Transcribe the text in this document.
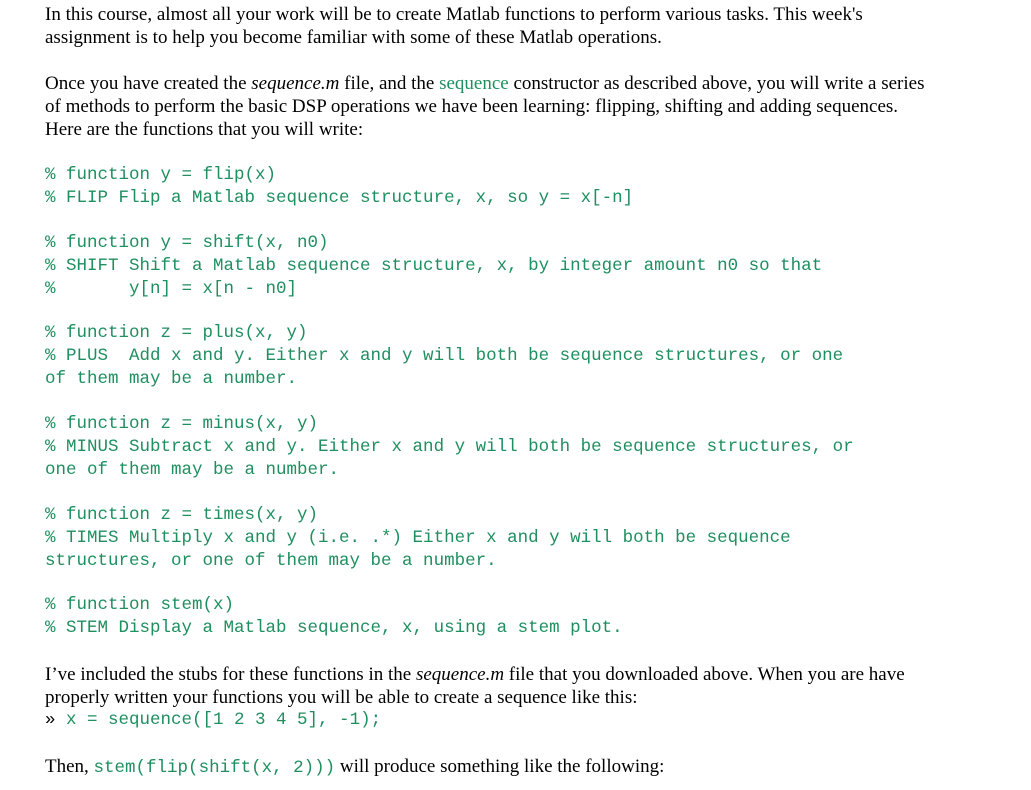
In this course, almost all your work will be to create Matlab functions to perform various tasks. This week's

assignment is to help you become familiar with some of these Matlab operations.

Once you have created the sequence.m file, and the sequence constructor as described above, you will write a series

of methods to perform the basic DSP operations we have been learning: flipping, shifting and adding sequences.

Here are the functions that you will write:

% function y = flip(x)

% FLIP Flip a Matlab sequence structure, x, so y = x[-n]

% function y = shift(x, n0)

% SHIFT Shift a Matlab sequence structure, x, by integer amount n0 so that

%       y[n] = x[n - n0]

% function z = plus(x, y)

% PLUS  Add x and y. Either x and y will both be sequence structures, or one

of them may be a number.

% function z = minus(x, y)

% MINUS Subtract x and y. Either x and y will both be sequence structures, or

one of them may be a number.

% function z = times(x, y)

% TIMES Multiply x and y (i.e. .*) Either x and y will both be sequence

structures, or one of them may be a number.

% function stem(x)

% STEM Display a Matlab sequence, x, using a stem plot.

I’ve included the stubs for these functions in the sequence.m file that you downloaded above. When you are have

properly written your functions you will be able to create a sequence like this:

» x = sequence([1 2 3 4 5], -1);

Then, stem(flip(shift(x, 2))) will produce something like the following:
